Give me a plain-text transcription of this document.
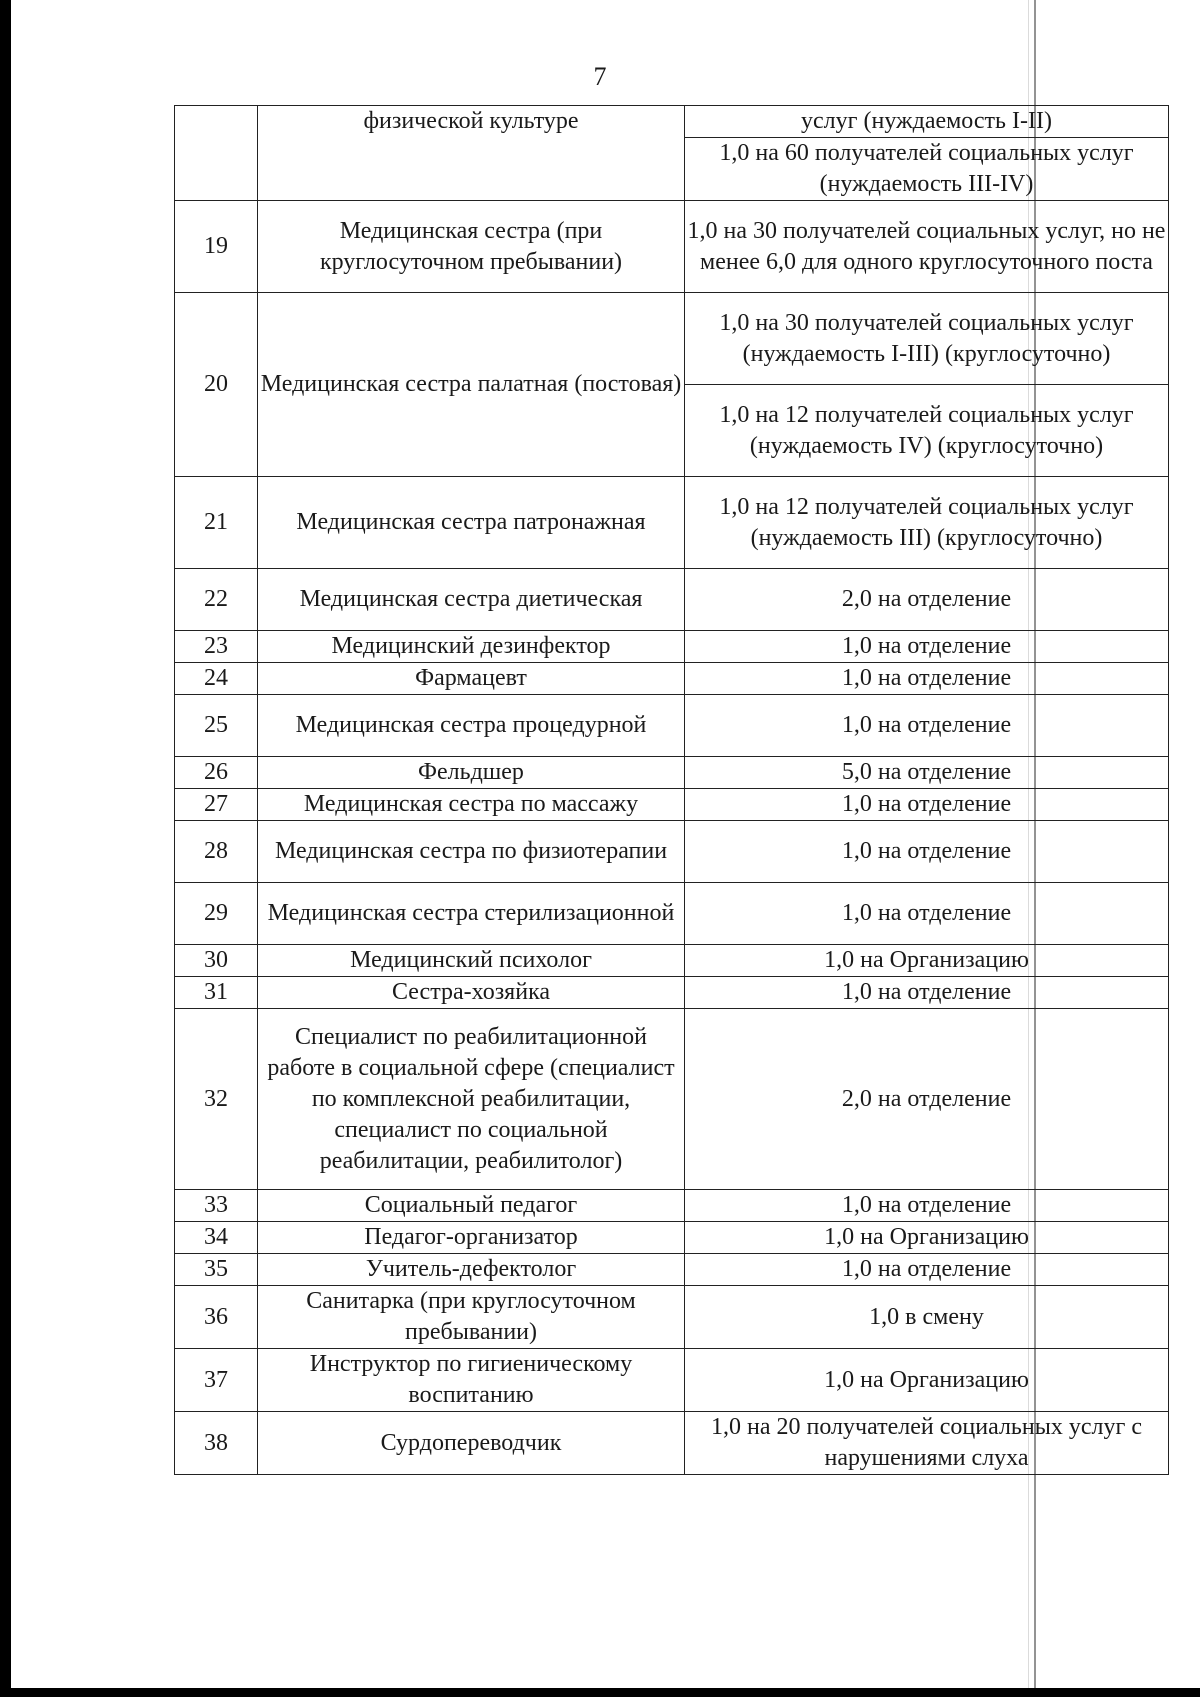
7
	физической культуре	услуг (нуждаемость I-II)
		1,0 на 60 получателей социальных услуг (нуждаемость III-IV)
19	Медицинская сестра (при круглосуточном пребывании)	1,0 на 30 получателей социальных услуг, но не менее 6,0 для одного круглосуточного поста
20	Медицинская сестра палатная (постовая)	1,0 на 30 получателей социальных услуг (нуждаемость I-III) (круглосуточно)
		1,0 на 12 получателей социальных услуг (нуждаемость IV) (круглосуточно)
21	Медицинская сестра патронажная	1,0 на 12 получателей социальных услуг (нуждаемость III) (круглосуточно)
22	Медицинская сестра диетическая	2,0 на отделение
23	Медицинский дезинфектор	1,0 на отделение
24	Фармацевт	1,0 на отделение
25	Медицинская сестра процедурной	1,0 на отделение
26	Фельдшер	5,0 на отделение
27	Медицинская сестра по массажу	1,0 на отделение
28	Медицинская сестра по физиотерапии	1,0 на отделение
29	Медицинская сестра стерилизационной	1,0 на отделение
30	Медицинский психолог	1,0 на Организацию
31	Сестра-хозяйка	1,0 на отделение
32	Специалист по реабилитационной работе в социальной сфере (специалист по комплексной реабилитации, специалист по социальной реабилитации, реабилитолог)	2,0 на отделение
33	Социальный педагог	1,0 на отделение
34	Педагог-организатор	1,0 на Организацию
35	Учитель-дефектолог	1,0 на отделение
36	Санитарка (при круглосуточном пребывании)	1,0 в смену
37	Инструктор по гигиеническому воспитанию	1,0 на Организацию
38	Сурдопереводчик	1,0 на 20 получателей социальных услуг с нарушениями слуха
